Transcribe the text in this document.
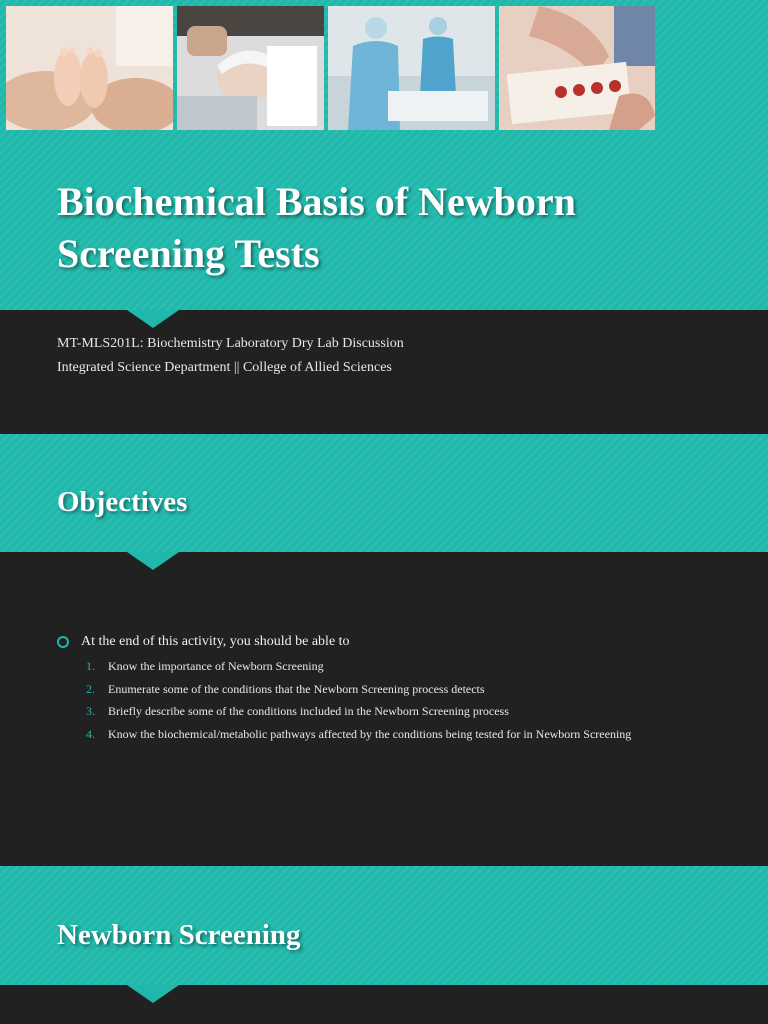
Biochemical Basis of Newborn
Screening Tests
MT-MLS201L: Biochemistry Laboratory Dry Lab Discussion
Integrated Science Department || College of Allied Sciences
Objectives
At the end of this activity, you should be able to
1.	Know the importance of Newborn Screening
2.	Enumerate some of the conditions that the Newborn Screening process detects
3.	Briefly describe some of the conditions included in the Newborn Screening process
4.	Know the biochemical/metabolic pathways affected by the conditions being tested for in Newborn Screening
Newborn Screening
